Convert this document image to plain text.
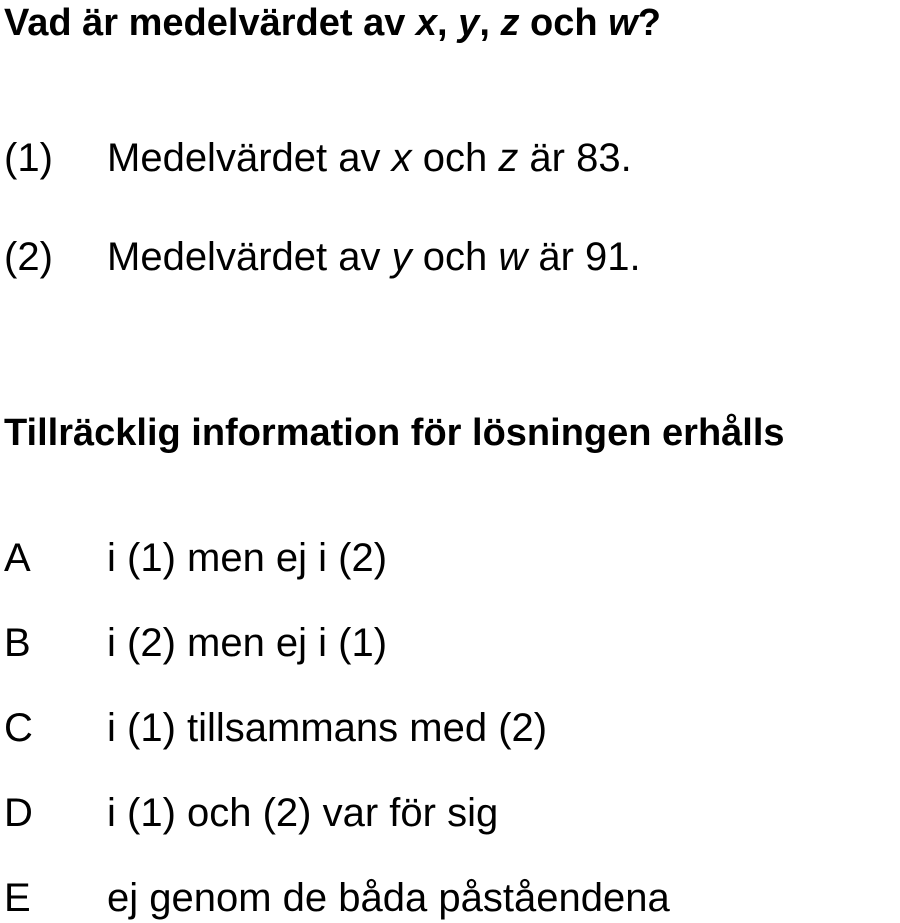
Vad är medelvärdet av x, y, z och w?
(1) Medelvärdet av x och z är 83.
(2) Medelvärdet av y och w är 91.
Tillräcklig information för lösningen erhålls
A i (1) men ej i (2)
B i (2) men ej i (1)
C i (1) tillsammans med (2)
D i (1) och (2) var för sig
E ej genom de båda påståendena
